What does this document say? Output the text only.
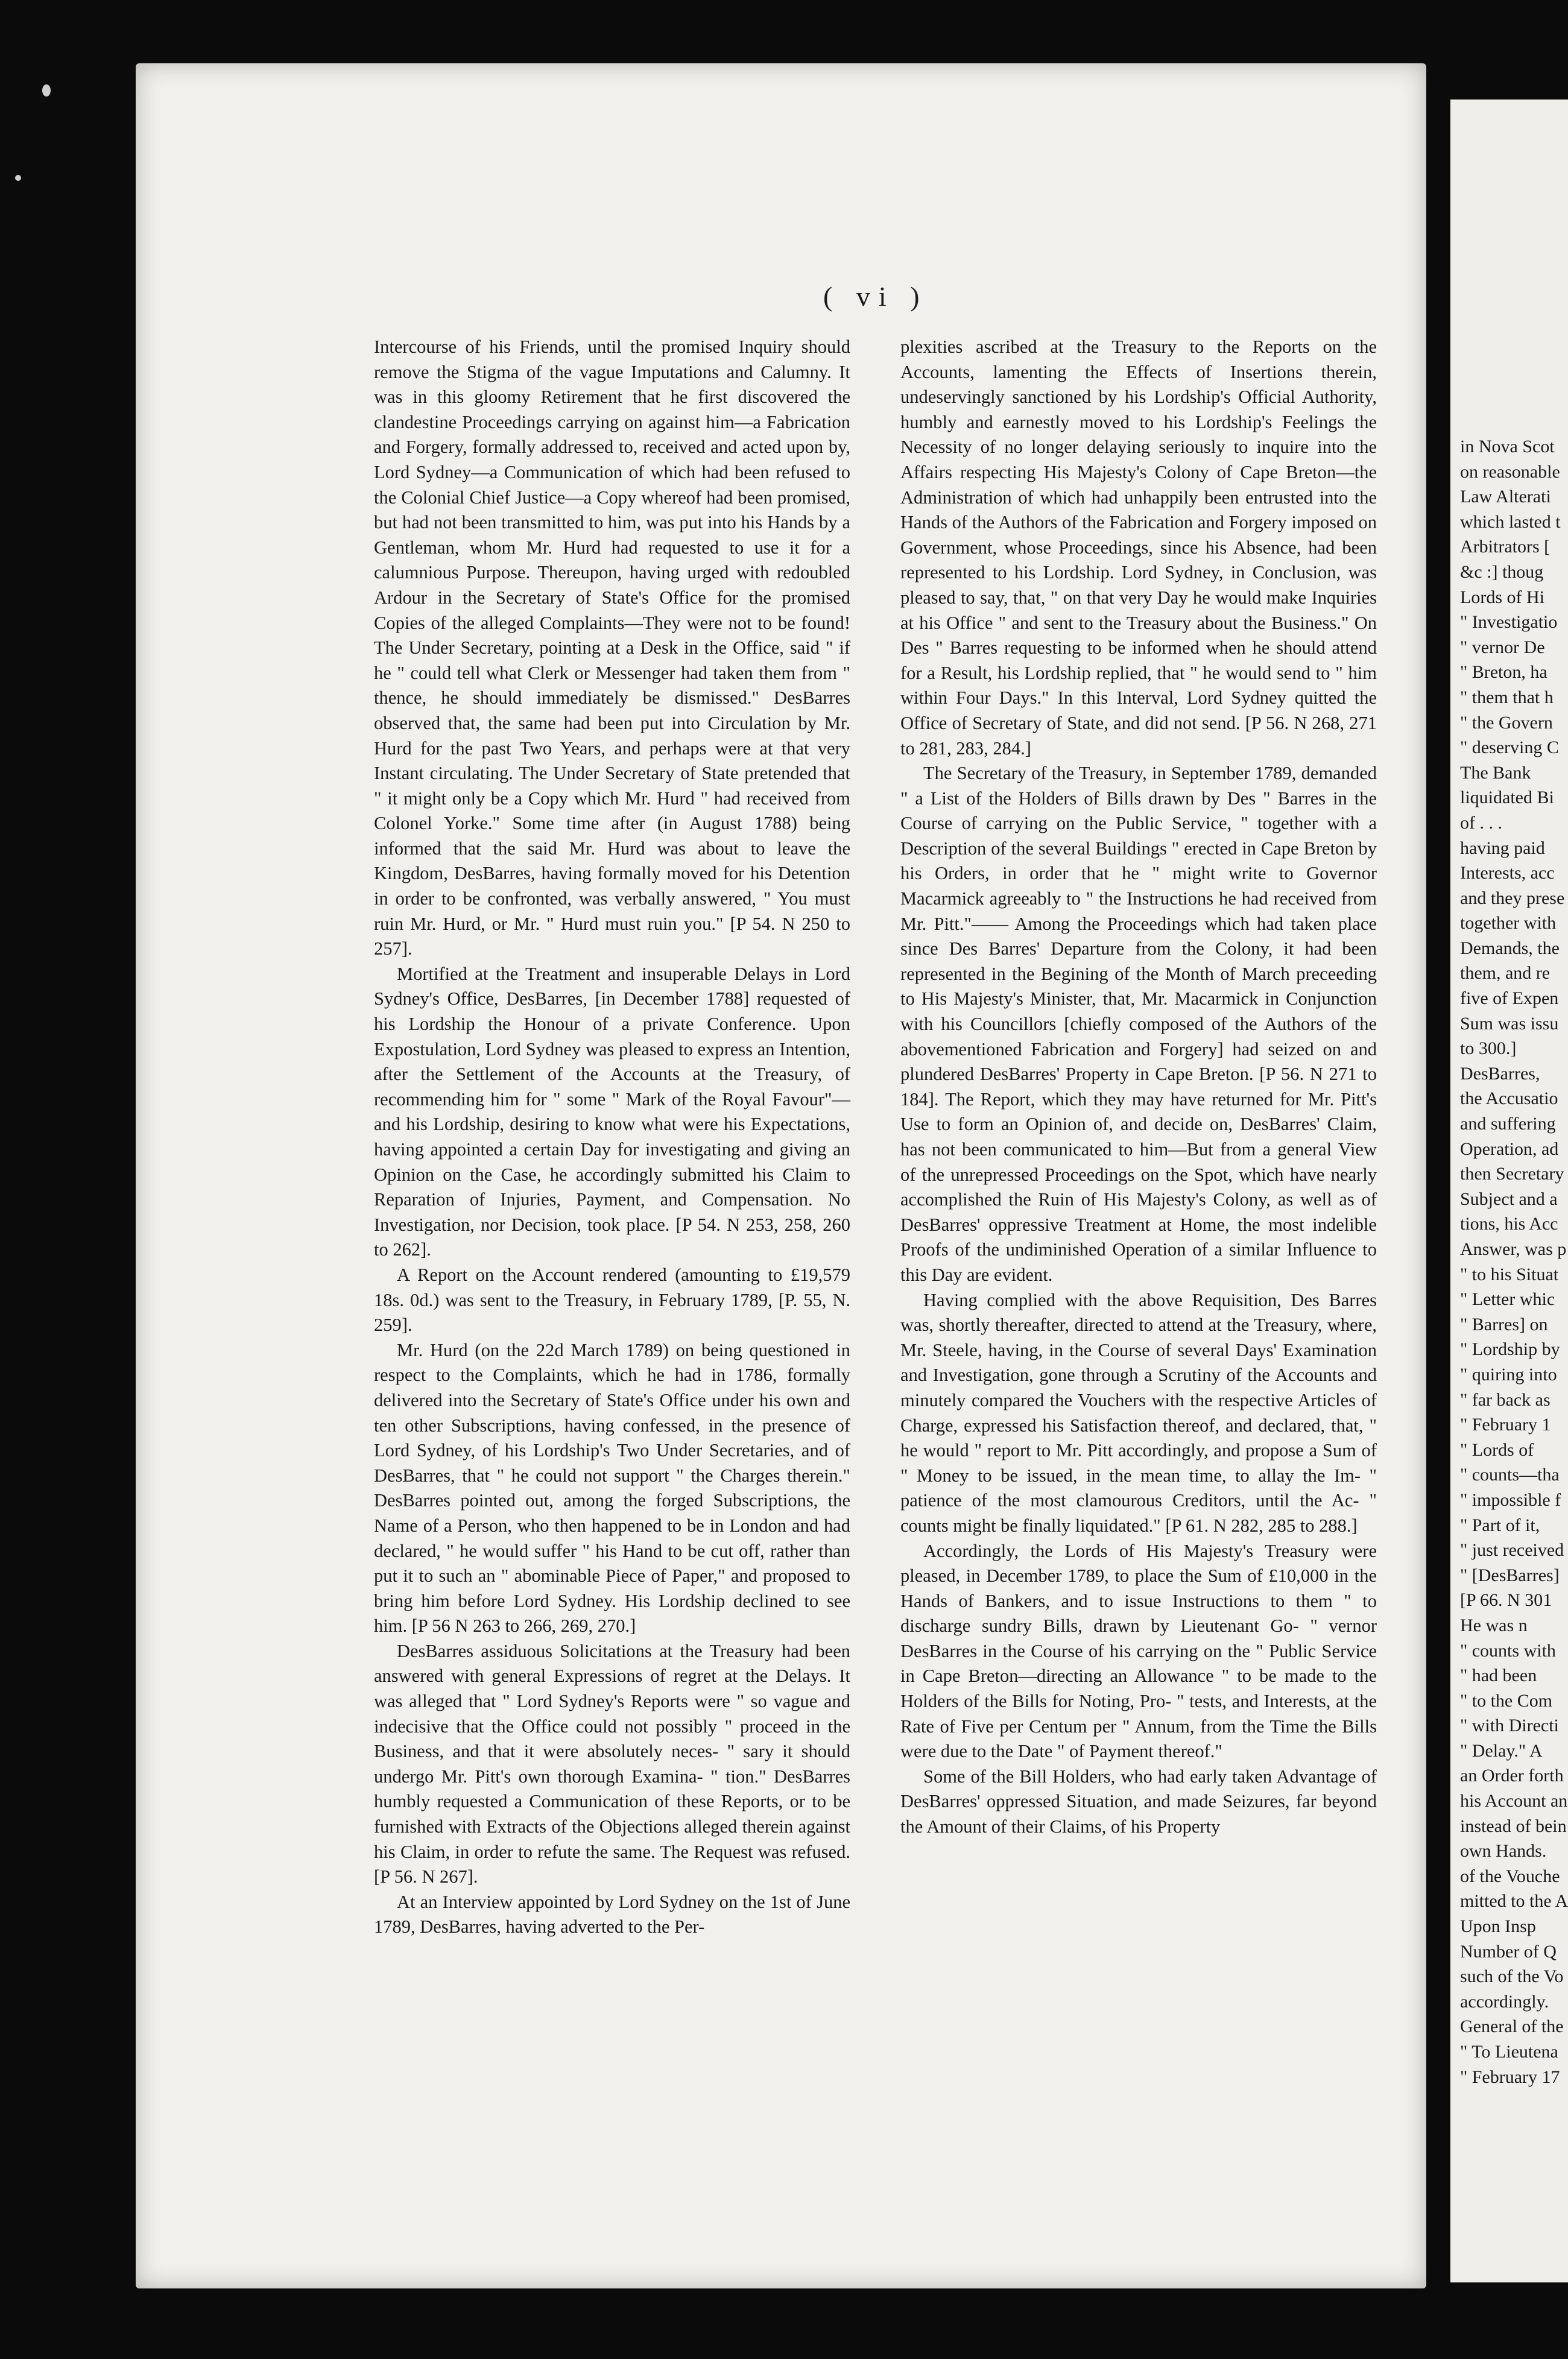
( vi )

Intercourse of his Friends, until the promised Inquiry should remove the Stigma of the vague Imputations and Calumny. It was in this gloomy Retirement that he first discovered the clandestine Proceedings carrying on against him—a Fabrication and Forgery, formally addressed to, received and acted upon by, Lord Sydney—a Communication of which had been refused to the Colonial Chief Justice—a Copy whereof had been promised, but had not been transmitted to him, was put into his Hands by a Gentleman, whom Mr. Hurd had requested to use it for a calumnious Purpose. Thereupon, having urged with redoubled Ardour in the Secretary of State's Office for the promised Copies of the alleged Complaints—They were not to be found! The Under Secretary, pointing at a Desk in the Office, said " if he " could tell what Clerk or Messenger had taken them from " thence, he should immediately be dismissed." DesBarres observed that, the same had been put into Circulation by Mr. Hurd for the past Two Years, and perhaps were at that very Instant circulating. The Under Secretary of State pretended that " it might only be a Copy which Mr. Hurd " had received from Colonel Yorke." Some time after (in August 1788) being informed that the said Mr. Hurd was about to leave the Kingdom, DesBarres, having formally moved for his Detention in order to be confronted, was verbally answered, " You must ruin Mr. Hurd, or Mr. " Hurd must ruin you." [P 54. N 250 to 257].

Mortified at the Treatment and insuperable Delays in Lord Sydney's Office, DesBarres, [in December 1788] requested of his Lordship the Honour of a private Conference. Upon Expostulation, Lord Sydney was pleased to express an Intention, after the Settlement of the Accounts at the Treasury, of recommending him for " some " Mark of the Royal Favour"—and his Lordship, desiring to know what were his Expectations, having appointed a certain Day for investigating and giving an Opinion on the Case, he accordingly submitted his Claim to Reparation of Injuries, Payment, and Compensation. No Investigation, nor Decision, took place. [P 54. N 253, 258, 260 to 262].

A Report on the Account rendered (amounting to £19,579 18s. 0d.) was sent to the Treasury, in February 1789, [P. 55, N. 259].

Mr. Hurd (on the 22d March 1789) on being questioned in respect to the Complaints, which he had in 1786, formally delivered into the Secretary of State's Office under his own and ten other Subscriptions, having confessed, in the presence of Lord Sydney, of his Lordship's Two Under Secretaries, and of DesBarres, that " he could not support " the Charges therein." DesBarres pointed out, among the forged Subscriptions, the Name of a Person, who then happened to be in London and had declared, " he would suffer " his Hand to be cut off, rather than put it to such an " abominable Piece of Paper," and proposed to bring him before Lord Sydney. His Lordship declined to see him. [P 56 N 263 to 266, 269, 270.]

DesBarres assiduous Solicitations at the Treasury had been answered with general Expressions of regret at the Delays. It was alleged that " Lord Sydney's Reports were " so vague and indecisive that the Office could not possibly " proceed in the Business, and that it were absolutely neces- " sary it should undergo Mr. Pitt's own thorough Examina- " tion." DesBarres humbly requested a Communication of these Reports, or to be furnished with Extracts of the Objections alleged therein against his Claim, in order to refute the same. The Request was refused. [P 56. N 267].

At an Interview appointed by Lord Sydney on the 1st of June 1789, DesBarres, having adverted to the Per-

plexities ascribed at the Treasury to the Reports on the Accounts, lamenting the Effects of Insertions therein, undeservingly sanctioned by his Lordship's Official Authority, humbly and earnestly moved to his Lordship's Feelings the Necessity of no longer delaying seriously to inquire into the Affairs respecting His Majesty's Colony of Cape Breton—the Administration of which had unhappily been entrusted into the Hands of the Authors of the Fabrication and Forgery imposed on Government, whose Proceedings, since his Absence, had been represented to his Lordship. Lord Sydney, in Conclusion, was pleased to say, that, " on that very Day he would make Inquiries at his Office " and sent to the Treasury about the Business." On Des " Barres requesting to be informed when he should attend for a Result, his Lordship replied, that " he would send to " him within Four Days." In this Interval, Lord Sydney quitted the Office of Secretary of State, and did not send. [P 56. N 268, 271 to 281, 283, 284.]

The Secretary of the Treasury, in September 1789, demanded " a List of the Holders of Bills drawn by Des " Barres in the Course of carrying on the Public Service, " together with a Description of the several Buildings " erected in Cape Breton by his Orders, in order that he " might write to Governor Macarmick agreeably to " the Instructions he had received from Mr. Pitt."—— Among the Proceedings which had taken place since Des Barres' Departure from the Colony, it had been represented in the Begining of the Month of March preceeding to His Majesty's Minister, that, Mr. Macarmick in Conjunction with his Councillors [chiefly composed of the Authors of the abovementioned Fabrication and Forgery] had seized on and plundered DesBarres' Property in Cape Breton. [P 56. N 271 to 184]. The Report, which they may have returned for Mr. Pitt's Use to form an Opinion of, and decide on, DesBarres' Claim, has not been communicated to him—But from a general View of the unrepressed Proceedings on the Spot, which have nearly accomplished the Ruin of His Majesty's Colony, as well as of DesBarres' oppressive Treatment at Home, the most indelible Proofs of the undiminished Operation of a similar Influence to this Day are evident.

Having complied with the above Requisition, Des Barres was, shortly thereafter, directed to attend at the Treasury, where, Mr. Steele, having, in the Course of several Days' Examination and Investigation, gone through a Scrutiny of the Accounts and minutely compared the Vouchers with the respective Articles of Charge, expressed his Satisfaction thereof, and declared, that, " he would " report to Mr. Pitt accordingly, and propose a Sum of " Money to be issued, in the mean time, to allay the Im- " patience of the most clamourous Creditors, until the Ac- " counts might be finally liquidated." [P 61. N 282, 285 to 288.]

Accordingly, the Lords of His Majesty's Treasury were pleased, in December 1789, to place the Sum of £10,000 in the Hands of Bankers, and to issue Instructions to them " to discharge sundry Bills, drawn by Lieutenant Go- " vernor DesBarres in the Course of his carrying on the " Public Service in Cape Breton—directing an Allowance " to be made to the Holders of the Bills for Noting, Pro- " tests, and Interests, at the Rate of Five per Centum per " Annum, from the Time the Bills were due to the Date " of Payment thereof."

Some of the Bill Holders, who had early taken Advantage of DesBarres' oppressed Situation, and made Seizures, far beyond the Amount of their Claims, of his Property

in Nova Scot
on reasonable
Law Alterati
which lasted t
Arbitrators [
&c :] thoug
Lords of Hi
" Investigatio
" vernor De
" Breton, ha
" them that h
" the Govern
" deserving C
The Bank
liquidated Bi
of . . .
having paid
Interests, acc
and they prese
together with
Demands, the
them, and re
five of Expen
Sum was issu
to 300.]
DesBarres,
the Accusatio
and suffering
Operation, ad
then Secretary
Subject and a
tions, his Acc
Answer, was p
" to his Situat
" Letter whic
" Barres] on
" Lordship by
" quiring into
" far back as
" February 1
" Lords of
" counts—tha
" impossible f
" Part of it,
" just received
" [DesBarres]
[P 66. N 301
He was n
" counts with
" had been
" to the Com
" with Directi
" Delay." A
an Order forth
his Account an
instead of bein
own Hands.
of the Vouche
mitted to the A
Upon Insp
Number of Q
such of the Vo
accordingly.
General of the
" To Lieutena
" February 17
